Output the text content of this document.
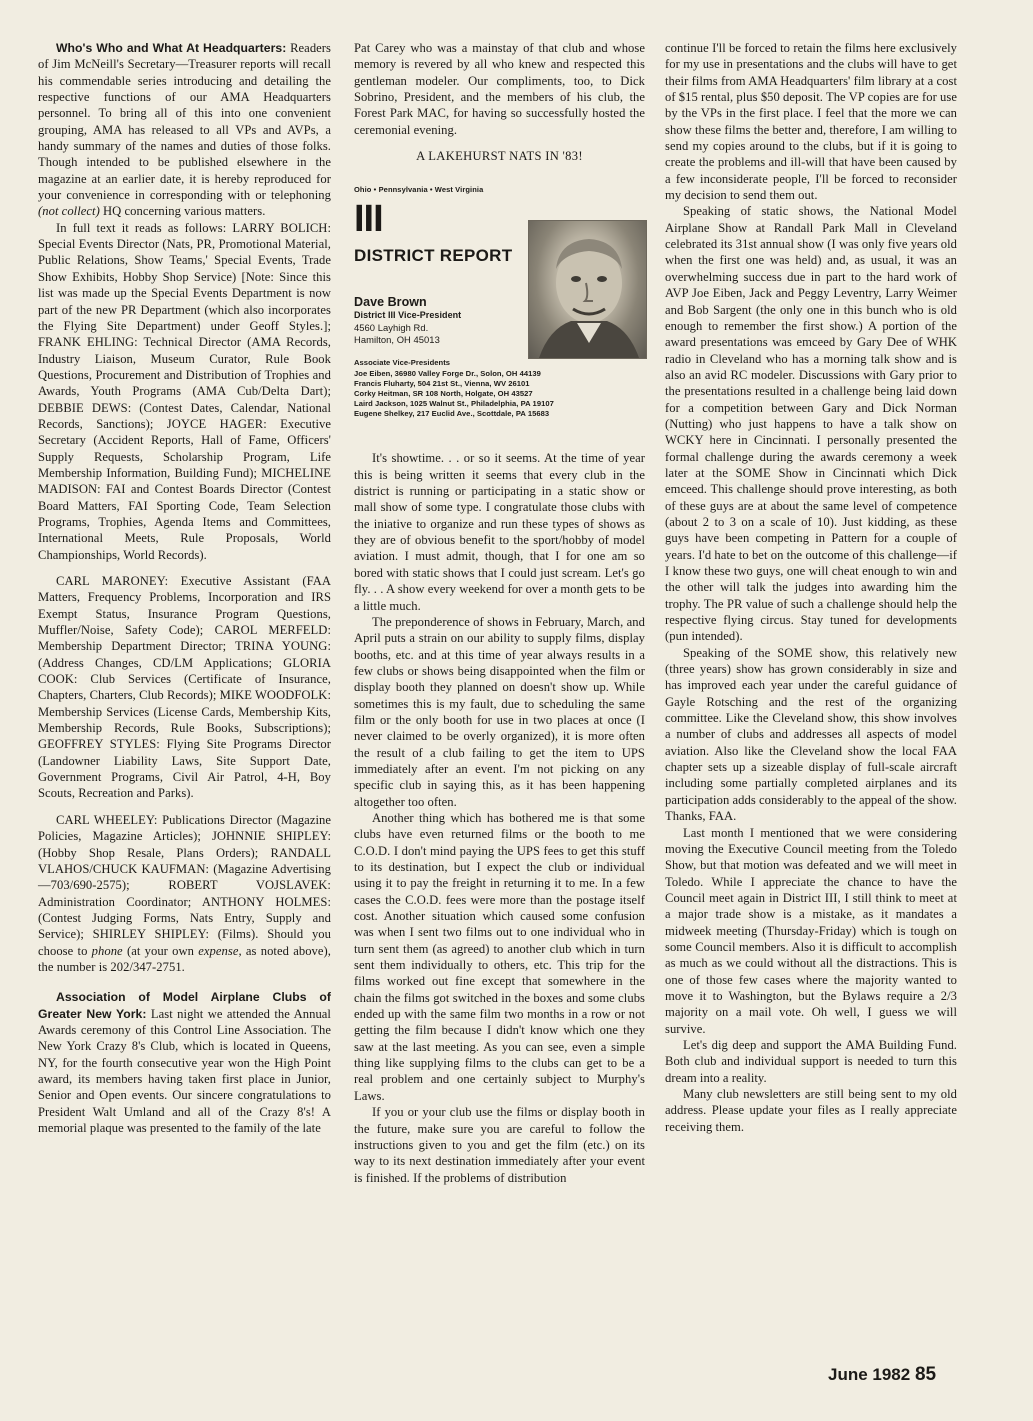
Who's Who and What At Headquarters: Readers of Jim McNeill's Secretary—Treasurer reports will recall his commendable series introducing and detailing the respective functions of our AMA Headquarters personnel. To bring all of this into one convenient grouping, AMA has released to all VPs and AVPs, a handy summary of the names and duties of those folks. Though intended to be published elsewhere in the magazine at an earlier date, it is hereby reproduced for your convenience in corresponding with or telephoning (not collect) HQ concerning various matters.

In full text it reads as follows: LARRY BOLICH: Special Events Director (Nats, PR, Promotional Material, Public Relations, Show Teams,' Special Events, Trade Show Exhibits, Hobby Shop Service) [Note: Since this list was made up the Special Events Department is now part of the new PR Department (which also incorporates the Flying Site Department) under Geoff Styles.]; FRANK EHLING: Technical Director (AMA Records, Industry Liaison, Museum Curator, Rule Book Questions, Procurement and Distribution of Trophies and Awards, Youth Programs (AMA Cub/Delta Dart); DEBBIE DEWS: (Contest Dates, Calendar, National Records, Sanctions); JOYCE HAGER: Executive Secretary (Accident Reports, Hall of Fame, Officers' Supply Requests, Scholarship Program, Life Membership Information, Building Fund); MICHELINE MADISON: FAI and Contest Boards Director (Contest Board Matters, FAI Sporting Code, Team Selection Programs, Trophies, Agenda Items and Committees, International Meets, Rule Proposals, World Championships, World Records).

CARL MARONEY: Executive Assistant (FAA Matters, Frequency Problems, Incorporation and IRS Exempt Status, Insurance Program Questions, Muffler/Noise, Safety Code); CAROL MERFELD: Membership Department Director; TRINA YOUNG: (Address Changes, CD/LM Applications; GLORIA COOK: Club Services (Certificate of Insurance, Chapters, Charters, Club Records); MIKE WOODFOLK: Membership Services (License Cards, Membership Kits, Membership Records, Rule Books, Subscriptions); GEOFFREY STYLES: Flying Site Programs Director (Landowner Liability Laws, Site Support Date, Government Programs, Civil Air Patrol, 4-H, Boy Scouts, Recreation and Parks).

CARL WHEELEY: Publications Director (Magazine Policies, Magazine Articles); JOHNNIE SHIPLEY: (Hobby Shop Resale, Plans Orders); RANDALL VLAHOS/CHUCK KAUFMAN: (Magazine Advertising—703/690-2575); ROBERT VOJSLAVEK: Administration Coordinator; ANTHONY HOLMES: (Contest Judging Forms, Nats Entry, Supply and Service); SHIRLEY SHIPLEY: (Films). Should you choose to phone (at your own expense, as noted above), the number is 202/347-2751.

Association of Model Airplane Clubs of Greater New York: Last night we attended the Annual Awards ceremony of this Control Line Association. The New York Crazy 8's Club, which is located in Queens, NY, for the fourth consecutive year won the High Point award, its members having taken first place in Junior, Senior and Open events. Our sincere congratulations to President Walt Umland and all of the Crazy 8's! A memorial plaque was presented to the family of the late

Pat Carey who was a mainstay of that club and whose memory is revered by all who knew and respected this gentleman modeler. Our compliments, too, to Dick Sobrino, President, and the members of his club, the Forest Park MAC, for having so successfully hosted the ceremonial evening.

A LAKEHURST NATS IN '83!

Ohio • Pennsylvania • West Virginia
III
DISTRICT REPORT
Dave Brown
District III Vice-President
4560 Layhigh Rd.
Hamilton, OH 45013
Associate Vice-Presidents
Joe Eiben, 36980 Valley Forge Dr., Solon, OH 44139
Francis Fluharty, 504 21st St., Vienna, WV 26101
Corky Heitman, SR 108 North, Holgate, OH 43527
Laird Jackson, 1025 Walnut St., Philadelphia, PA 19107
Eugene Shelkey, 217 Euclid Ave., Scottdale, PA 15683

It's showtime. . . or so it seems. At the time of year this is being written it seems that every club in the district is running or participating in a static show or mall show of some type. I congratulate those clubs with the iniative to organize and run these types of shows as they are of obvious benefit to the sport/hobby of model aviation. I must admit, though, that I for one am so bored with static shows that I could just scream. Let's go fly. . . A show every weekend for over a month gets to be a little much.

The preponderence of shows in February, March, and April puts a strain on our ability to supply films, display booths, etc. and at this time of year always results in a few clubs or shows being disappointed when the film or display booth they planned on doesn't show up. While sometimes this is my fault, due to scheduling the same film or the only booth for use in two places at once (I never claimed to be overly organized), it is more often the result of a club failing to get the item to UPS immediately after an event. I'm not picking on any specific club in saying this, as it has been happening altogether too often.

Another thing which has bothered me is that some clubs have even returned films or the booth to me C.O.D. I don't mind paying the UPS fees to get this stuff to its destination, but I expect the club or individual using it to pay the freight in returning it to me. In a few cases the C.O.D. fees were more than the postage itself cost. Another situation which caused some confusion was when I sent two films out to one individual who in turn sent them (as agreed) to another club which in turn sent them individually to others, etc. This trip for the films worked out fine except that somewhere in the chain the films got switched in the boxes and some clubs ended up with the same film two months in a row or not getting the film because I didn't know which one they saw at the last meeting. As you can see, even a simple thing like supplying films to the clubs can get to be a real problem and one certainly subject to Murphy's Laws.

If you or your club use the films or display booth in the future, make sure you are careful to follow the instructions given to you and get the film (etc.) on its way to its next destination immediately after your event is finished. If the problems of distribution

continue I'll be forced to retain the films here exclusively for my use in presentations and the clubs will have to get their films from AMA Headquarters' film library at a cost of $15 rental, plus $50 deposit. The VP copies are for use by the VPs in the first place. I feel that the more we can show these films the better and, therefore, I am willing to send my copies around to the clubs, but if it is going to create the problems and ill-will that have been caused by a few inconsiderate people, I'll be forced to reconsider my decision to send them out.

Speaking of static shows, the National Model Airplane Show at Randall Park Mall in Cleveland celebrated its 31st annual show (I was only five years old when the first one was held) and, as usual, it was an overwhelming success due in part to the hard work of AVP Joe Eiben, Jack and Peggy Leventry, Larry Weimer and Bob Sargent (the only one in this bunch who is old enough to remember the first show.) A portion of the award presentations was emceed by Gary Dee of WHK radio in Cleveland who has a morning talk show and is also an avid RC modeler. Discussions with Gary prior to the presentations resulted in a challenge being laid down for a competition between Gary and Dick Norman (Nutting) who just happens to have a talk show on WCKY here in Cincinnati. I personally presented the formal challenge during the awards ceremony a week later at the SOME Show in Cincinnati which Dick emceed. This challenge should prove interesting, as both of these guys are at about the same level of competence (about 2 to 3 on a scale of 10). Just kidding, as these guys have been competing in Pattern for a couple of years. I'd hate to bet on the outcome of this challenge—if I know these two guys, one will cheat enough to win and the other will talk the judges into awarding him the trophy. The PR value of such a challenge should help the respective flying circus. Stay tuned for developments (pun intended).

Speaking of the SOME show, this relatively new (three years) show has grown considerably in size and has improved each year under the careful guidance of Gayle Rotsching and the rest of the organizing committee. Like the Cleveland show, this show involves a number of clubs and addresses all aspects of model aviation. Also like the Cleveland show the local FAA chapter sets up a sizeable display of full-scale aircraft including some partially completed airplanes and its participation adds considerably to the appeal of the show. Thanks, FAA.

Last month I mentioned that we were considering moving the Executive Council meeting from the Toledo Show, but that motion was defeated and we will meet in Toledo. While I appreciate the chance to have the Council meet again in District III, I still think to meet at a major trade show is a mistake, as it mandates a midweek meeting (Thursday-Friday) which is tough on some Council members. Also it is difficult to accomplish as much as we could without all the distractions. This is one of those few cases where the majority wanted to move it to Washington, but the Bylaws require a 2/3 majority on a mail vote. Oh well, I guess we will survive.

Let's dig deep and support the AMA Building Fund. Both club and individual support is needed to turn this dream into a reality.

Many club newsletters are still being sent to my old address. Please update your files as I really appreciate receiving them.

June 1982 85
